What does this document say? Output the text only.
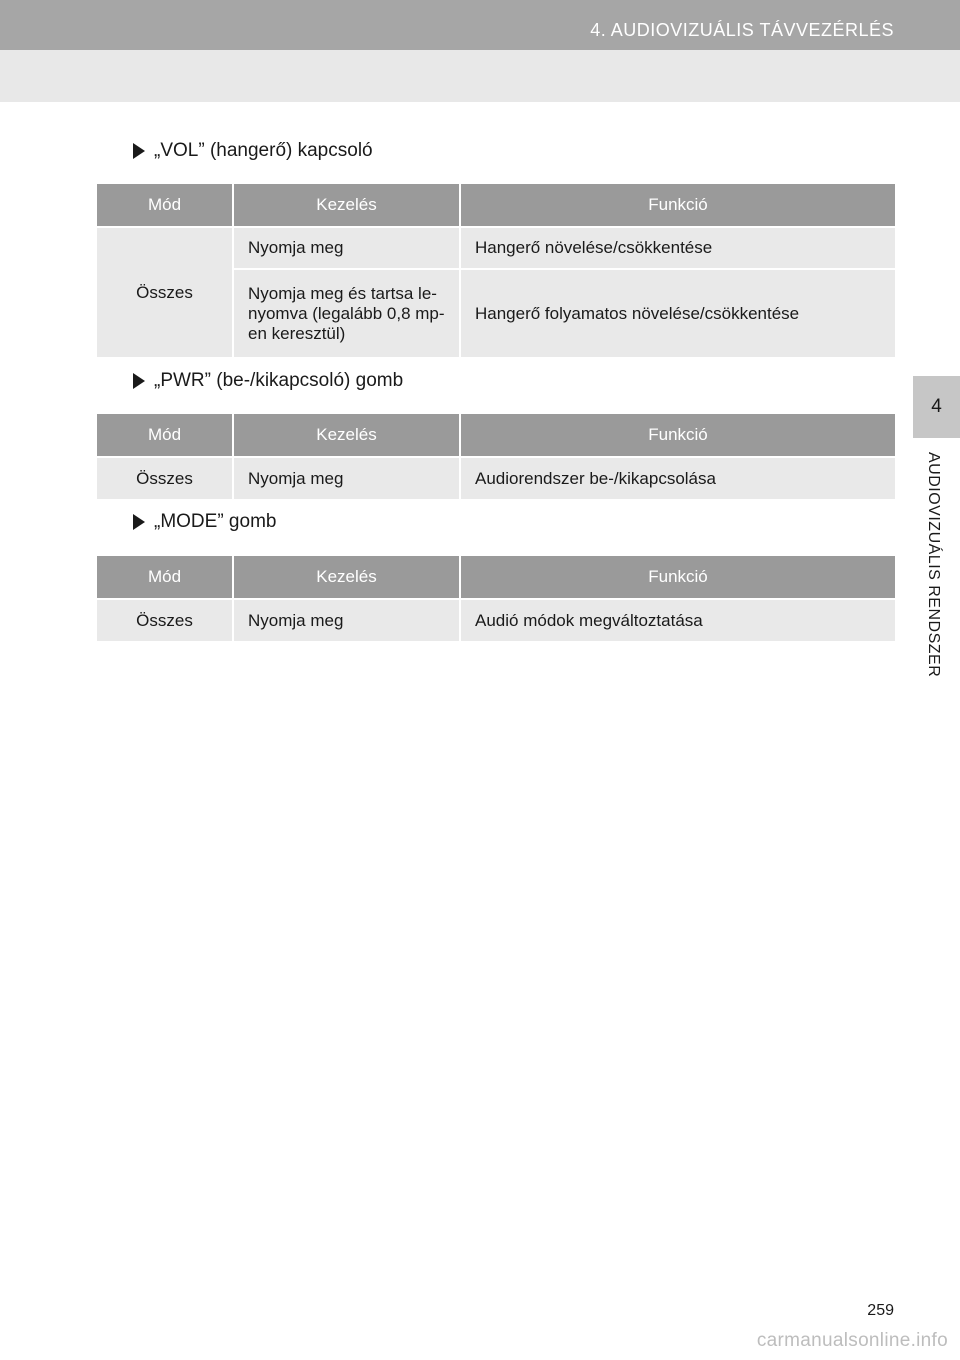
4. AUDIOVIZUÁLIS TÁVVEZÉRLÉS
„VOL” (hangerő) kapcsoló
Mód	Kezelés	Funkció
Összes	Nyomja meg	Hangerő növelése/csökkentése
	Nyomja meg és tartsa le-nyomva (legalább 0,8 mp-en keresztül)	Hangerő folyamatos növelése/csökkentése
„PWR” (be-/kikapcsoló) gomb
Mód	Kezelés	Funkció
Összes	Nyomja meg	Audiorendszer be-/kikapcsolása
„MODE” gomb
Mód	Kezelés	Funkció
Összes	Nyomja meg	Audió módok megváltoztatása
4
AUDIOVIZUÁLIS RENDSZER
259
carmanualsonline.info
